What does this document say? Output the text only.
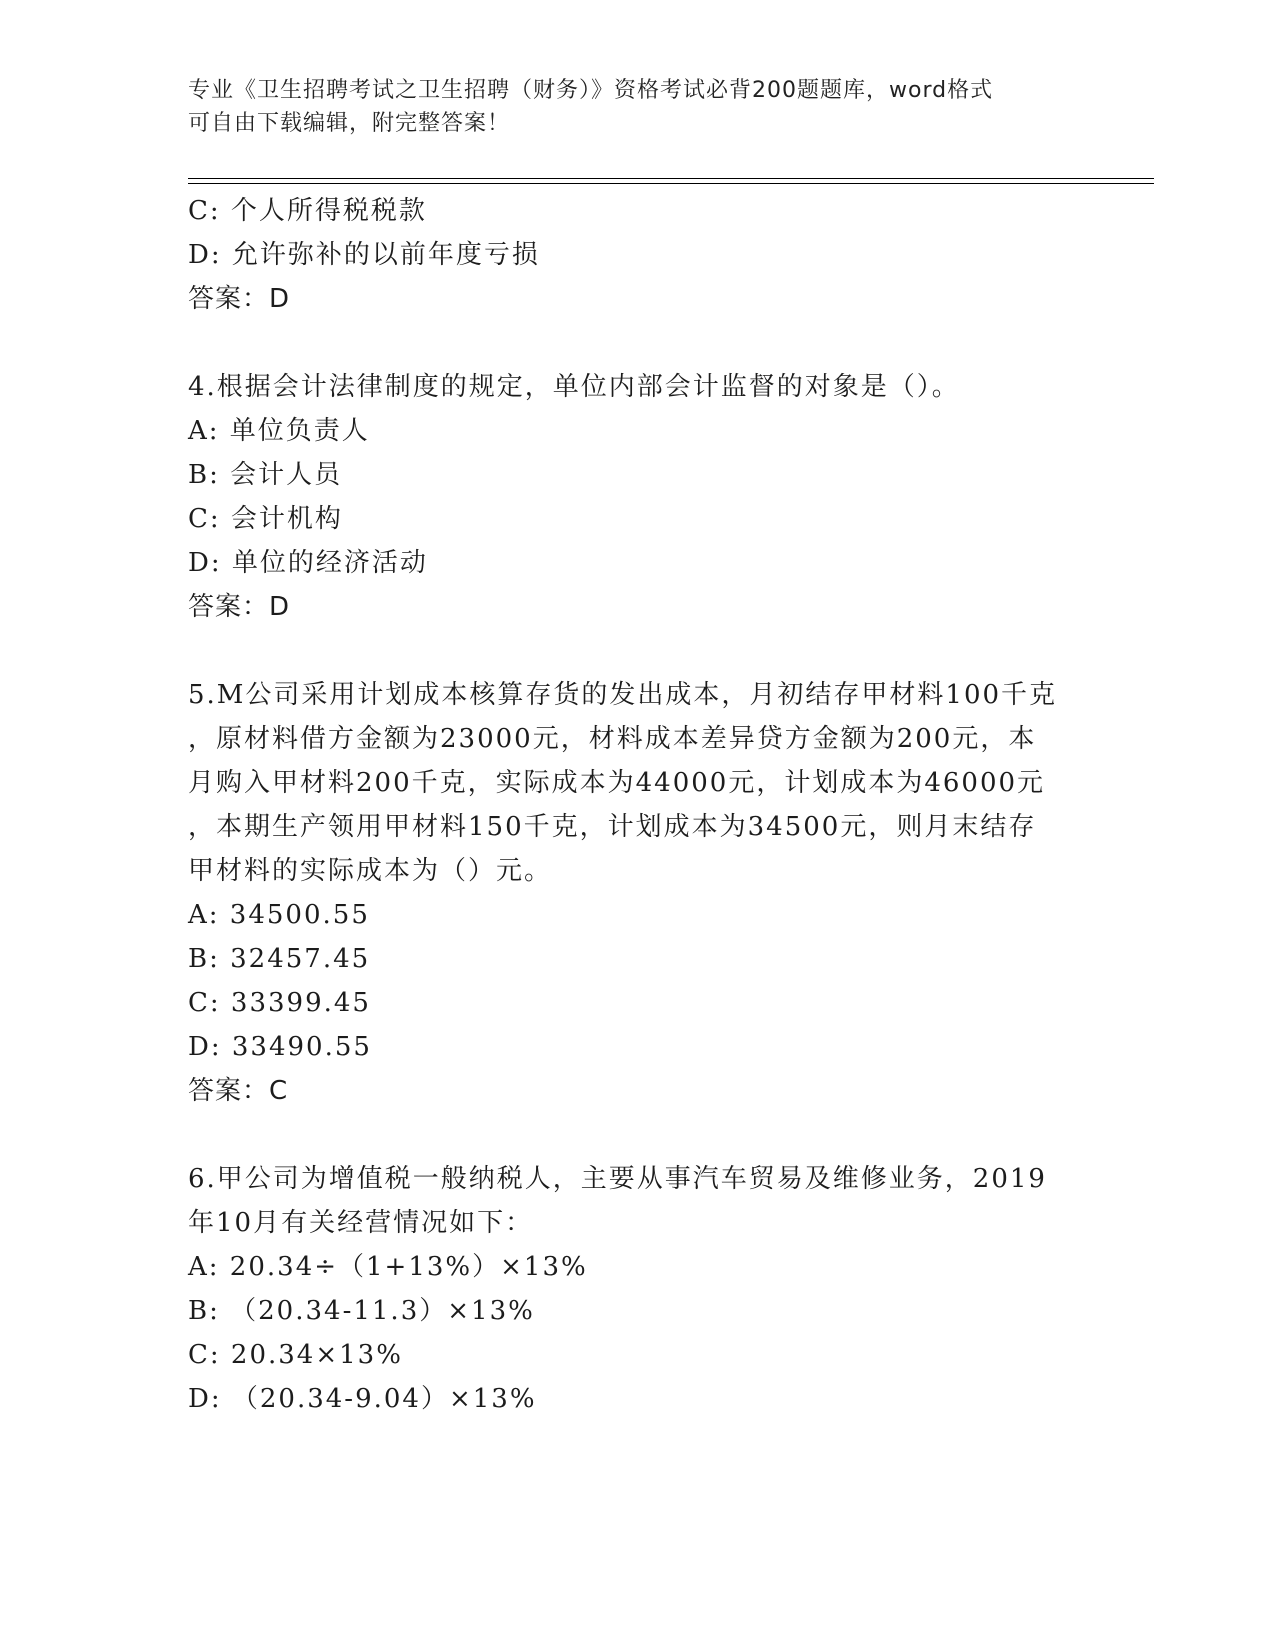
专业《卫生招聘考试之卫生招聘（财务）》资格考试必背200题题库，word格式
可自由下载编辑，附完整答案！
C: 个人所得税税款
D: 允许弥补的以前年度亏损
答案：D
4.根据会计法律制度的规定，单位内部会计监督的对象是（）。
A: 单位负责人
B: 会计人员
C: 会计机构
D: 单位的经济活动
答案：D
5.M公司采用计划成本核算存货的发出成本，月初结存甲材料100千克
，原材料借方金额为23000元，材料成本差异贷方金额为200元，本
月购入甲材料200千克，实际成本为44000元，计划成本为46000元
，本期生产领用甲材料150千克，计划成本为34500元，则月末结存
甲材料的实际成本为（）元。
A: 34500.55
B: 32457.45
C: 33399.45
D: 33490.55
答案：C
6.甲公司为增值税一般纳税人，主要从事汽车贸易及维修业务，2019
年10月有关经营情况如下：
A: 20.34÷（1+13%）×13%
B: （20.34-11.3）×13%
C: 20.34×13%
D: （20.34-9.04）×13%
